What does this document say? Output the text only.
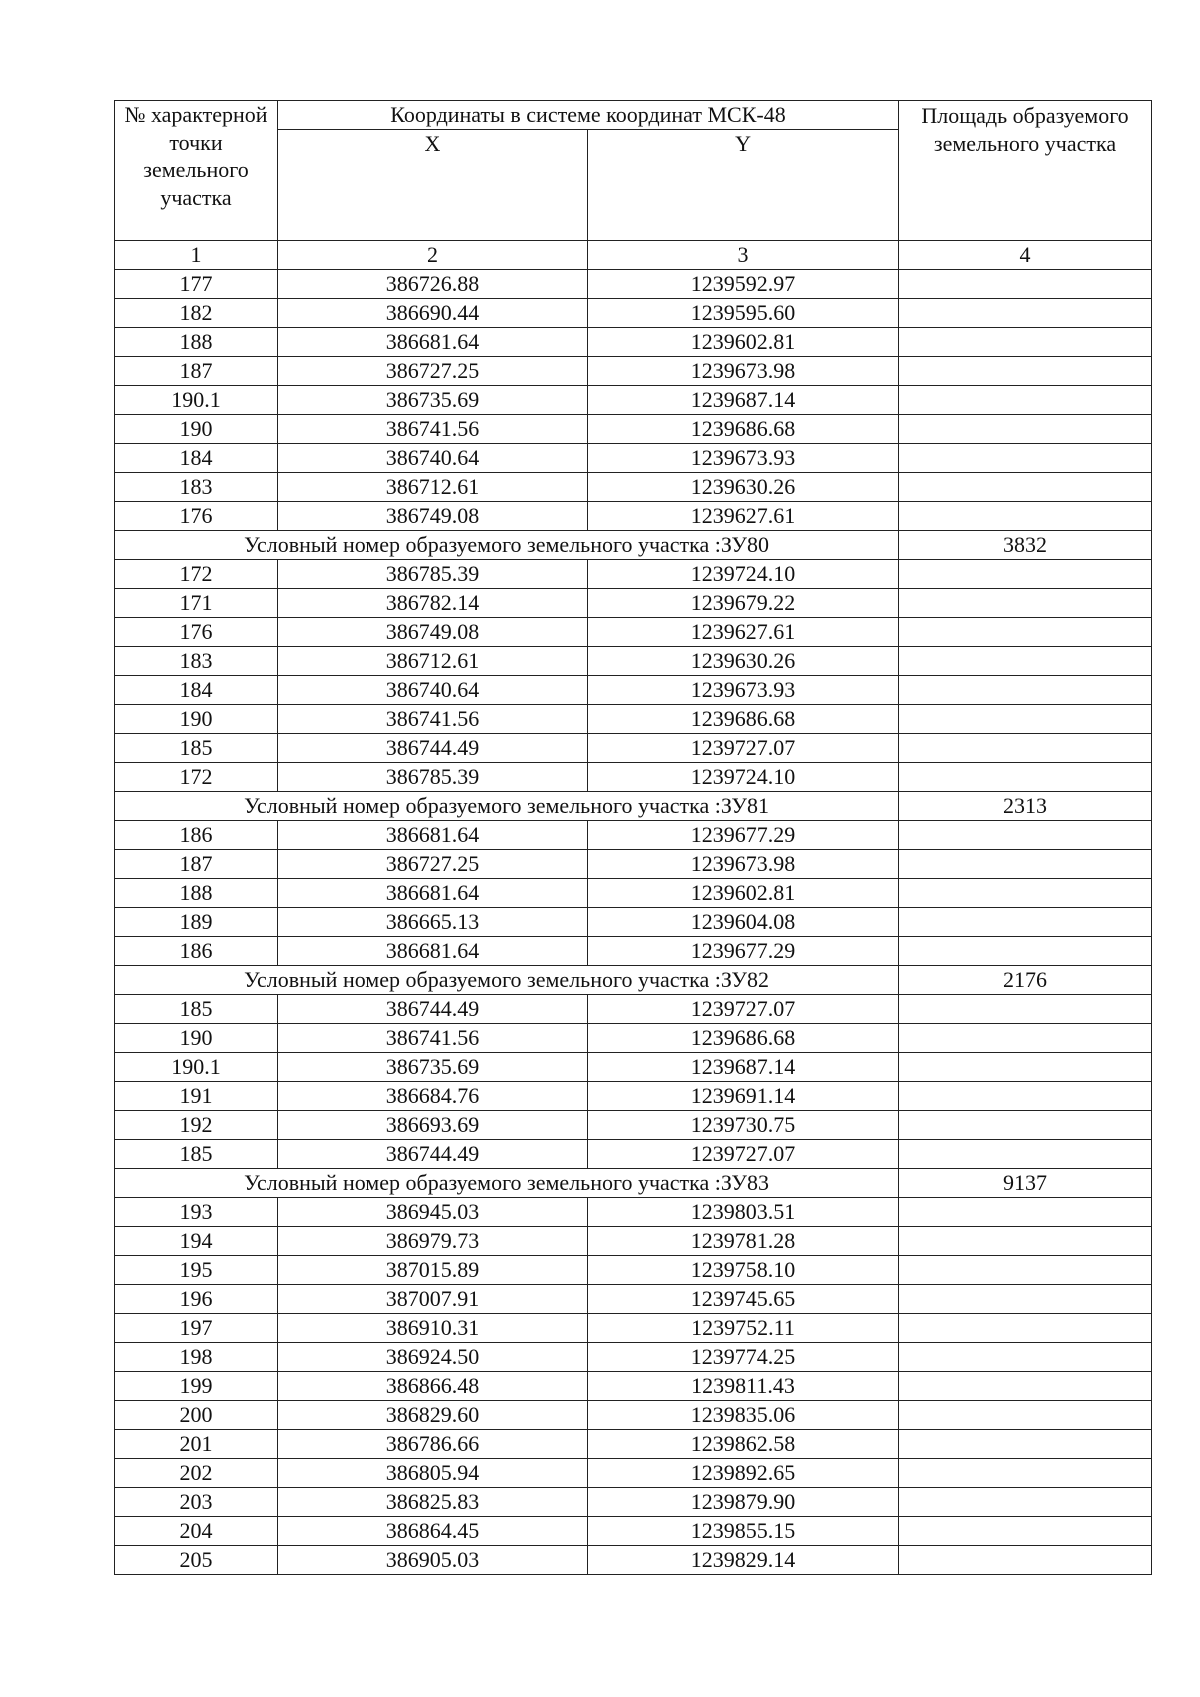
№ характерной точки земельного участка	Координаты в системе координат МСК-48		Площадь образуемого земельного участка
	X	Y	
1	2	3	4
177	386726.88	1239592.97	
182	386690.44	1239595.60	
188	386681.64	1239602.81	
187	386727.25	1239673.98	
190.1	386735.69	1239687.14	
190	386741.56	1239686.68	
184	386740.64	1239673.93	
183	386712.61	1239630.26	
176	386749.08	1239627.61	
Условный номер образуемого земельного участка :ЗУ80			3832
172	386785.39	1239724.10	
171	386782.14	1239679.22	
176	386749.08	1239627.61	
183	386712.61	1239630.26	
184	386740.64	1239673.93	
190	386741.56	1239686.68	
185	386744.49	1239727.07	
172	386785.39	1239724.10	
Условный номер образуемого земельного участка :ЗУ81			2313
186	386681.64	1239677.29	
187	386727.25	1239673.98	
188	386681.64	1239602.81	
189	386665.13	1239604.08	
186	386681.64	1239677.29	
Условный номер образуемого земельного участка :ЗУ82			2176
185	386744.49	1239727.07	
190	386741.56	1239686.68	
190.1	386735.69	1239687.14	
191	386684.76	1239691.14	
192	386693.69	1239730.75	
185	386744.49	1239727.07	
Условный номер образуемого земельного участка :ЗУ83			9137
193	386945.03	1239803.51	
194	386979.73	1239781.28	
195	387015.89	1239758.10	
196	387007.91	1239745.65	
197	386910.31	1239752.11	
198	386924.50	1239774.25	
199	386866.48	1239811.43	
200	386829.60	1239835.06	
201	386786.66	1239862.58	
202	386805.94	1239892.65	
203	386825.83	1239879.90	
204	386864.45	1239855.15	
205	386905.03	1239829.14	
